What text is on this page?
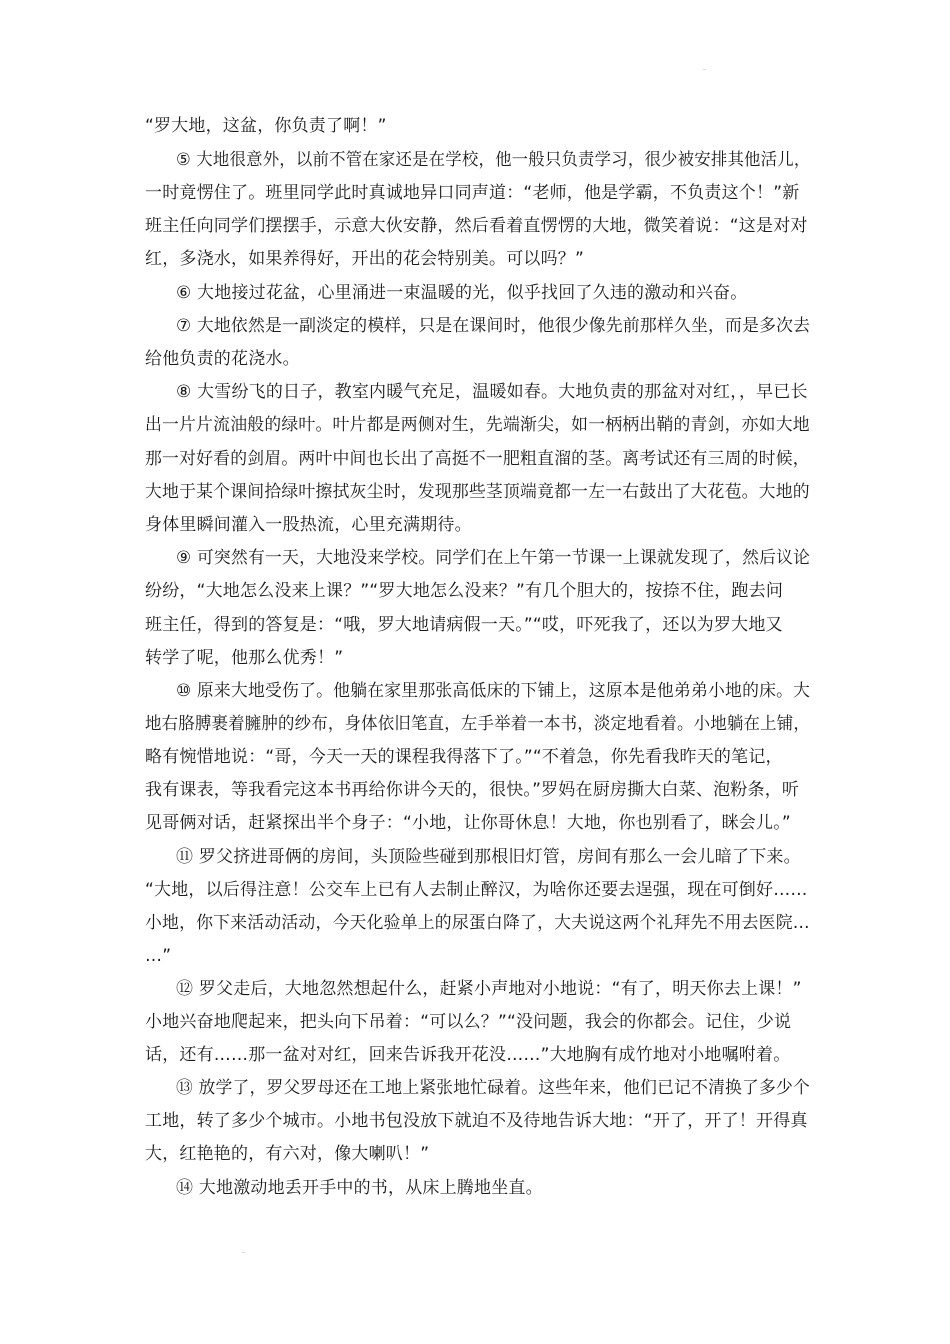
“罗大地，这盆，你负责了啊！”
⑤ 大地很意外，以前不管在家还是在学校，他一般只负责学习，很少被安排其他活儿，
一时竟愣住了。班里同学此时真诚地异口同声道：“老师，他是学霸，不负责这个！”新
班主任向同学们摆摆手，示意大伙安静，然后看着直愣愣的大地，微笑着说：“这是对对
红，多浇水，如果养得好，开出的花会特别美。可以吗？”
⑥ 大地接过花盆，心里涌进一束温暖的光，似乎找回了久违的激动和兴奋。
⑦ 大地依然是一副淡定的模样，只是在课间时，他很少像先前那样久坐，而是多次去
给他负责的花浇水。
⑧ 大雪纷飞的日子，教室内暖气充足，温暖如春。大地负责的那盆对对红，，早已长
出一片片流油般的绿叶。叶片都是两侧对生，先端渐尖，如一柄柄出鞘的青剑，亦如大地
那一对好看的剑眉。两叶中间也长出了高挺不一肥粗直溜的茎。离考试还有三周的时候，
大地于某个课间拾绿叶擦拭灰尘时，发现那些茎顶端竟都一左一右鼓出了大花苞。大地的
身体里瞬间灌入一股热流，心里充满期待。
⑨ 可突然有一天，大地没来学校。同学们在上午第一节课一上课就发现了，然后议论
纷纷，“大地怎么没来上课？”“罗大地怎么没来？”有几个胆大的，按捺不住，跑去问
班主任，得到的答复是：“哦，罗大地请病假一天。”“哎，吓死我了，还以为罗大地又
转学了呢，他那么优秀！”
⑩ 原来大地受伤了。他躺在家里那张高低床的下铺上，这原本是他弟弟小地的床。大
地右胳膊裹着臃肿的纱布，身体依旧笔直，左手举着一本书，淡定地看着。小地躺在上铺，
略有惋惜地说：“哥，今天一天的课程我得落下了。”“不着急，你先看我昨天的笔记，
我有课表，等我看完这本书再给你讲今天的，很快。”罗妈在厨房撕大白菜、泡粉条，听
见哥俩对话，赶紧探出半个身子：“小地，让你哥休息！大地，你也别看了，眯会儿。”
⑪ 罗父挤进哥俩的房间，头顶险些碰到那根旧灯管，房间有那么一会儿暗了下来。
“大地，以后得注意！公交车上已有人去制止醉汉，为啥你还要去逞强，现在可倒好……
小地，你下来活动活动，今天化验单上的尿蛋白降了，大夫说这两个礼拜先不用去医院…
…”
⑫ 罗父走后，大地忽然想起什么，赶紧小声地对小地说：“有了，明天你去上课！”
小地兴奋地爬起来，把头向下吊着：“可以么？”“没问题，我会的你都会。记住，少说
话，还有……那一盆对对红，回来告诉我开花没……”大地胸有成竹地对小地嘱咐着。
⑬ 放学了，罗父罗母还在工地上紧张地忙碌着。这些年来，他们已记不清换了多少个
工地，转了多少个城市。小地书包没放下就迫不及待地告诉大地：“开了，开了！开得真
大，红艳艳的，有六对，像大喇叭！”
⑭ 大地激动地丢开手中的书，从床上腾地坐直。
